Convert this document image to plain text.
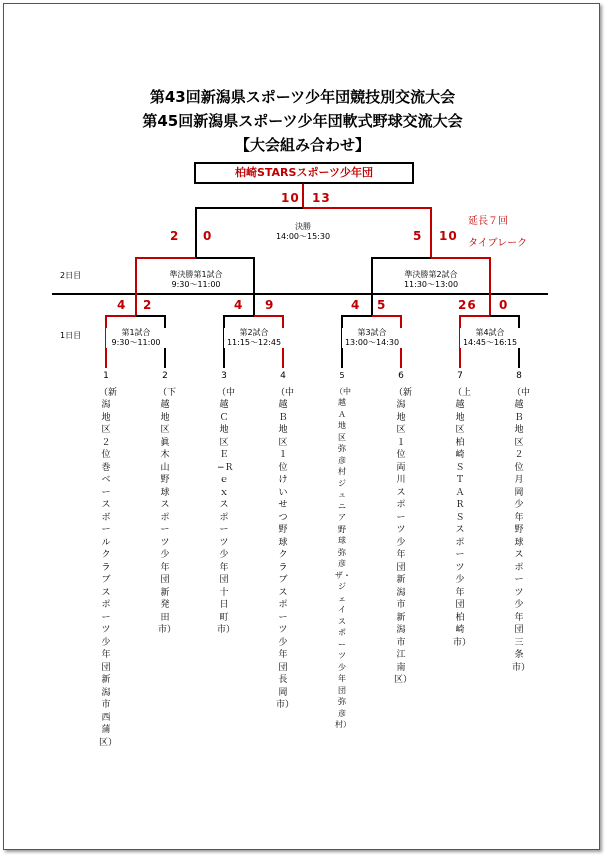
第43回新潟県スポーツ少年団競技別交流大会
第45回新潟県スポーツ少年団軟式野球交流大会
【大会組み合わせ】
柏崎STARSスポーツ少年団
10 13
決勝
14:00〜15:30
延長７回
タイブレーク
2 0	5 10
準決勝第1試合
9:30〜11:00
準決勝第2試合
11:30〜13:00
2日目
1日目
4 2	4 9	4 5	26 0
第1試合
9:30〜11:00
第2試合
11:15〜12:45
第3試合
13:00〜14:30
第4試合
14:45〜16:15
1
（新潟地区２位　巻ベースボールクラブスポーツ少年団　新潟市西蒲区）
2
（下越地区　眞木山野球スポーツ少年団　新発田市）
3
（中越Ｃ地区　Ｅ−Ｒｅｘスポーツ少年団　十日町市）
4
（中越Ｂ地区１位　けいせつ野球クラブスポーツ少年団　長岡市）
5
（中越Ａ地区　弥彦村ジュニア野球弥彦ザ・ジェイスポーツ少年団　弥彦村）
6
（新潟地区１位　両川スポーツ少年団新潟市　新潟市江南区）
7
（上越地区　柏崎ＳＴＡＲＳスポーツ少年団　柏崎市）
8
（中越Ｂ地区２位　月岡少年野球スポーツ少年団　三条市）
